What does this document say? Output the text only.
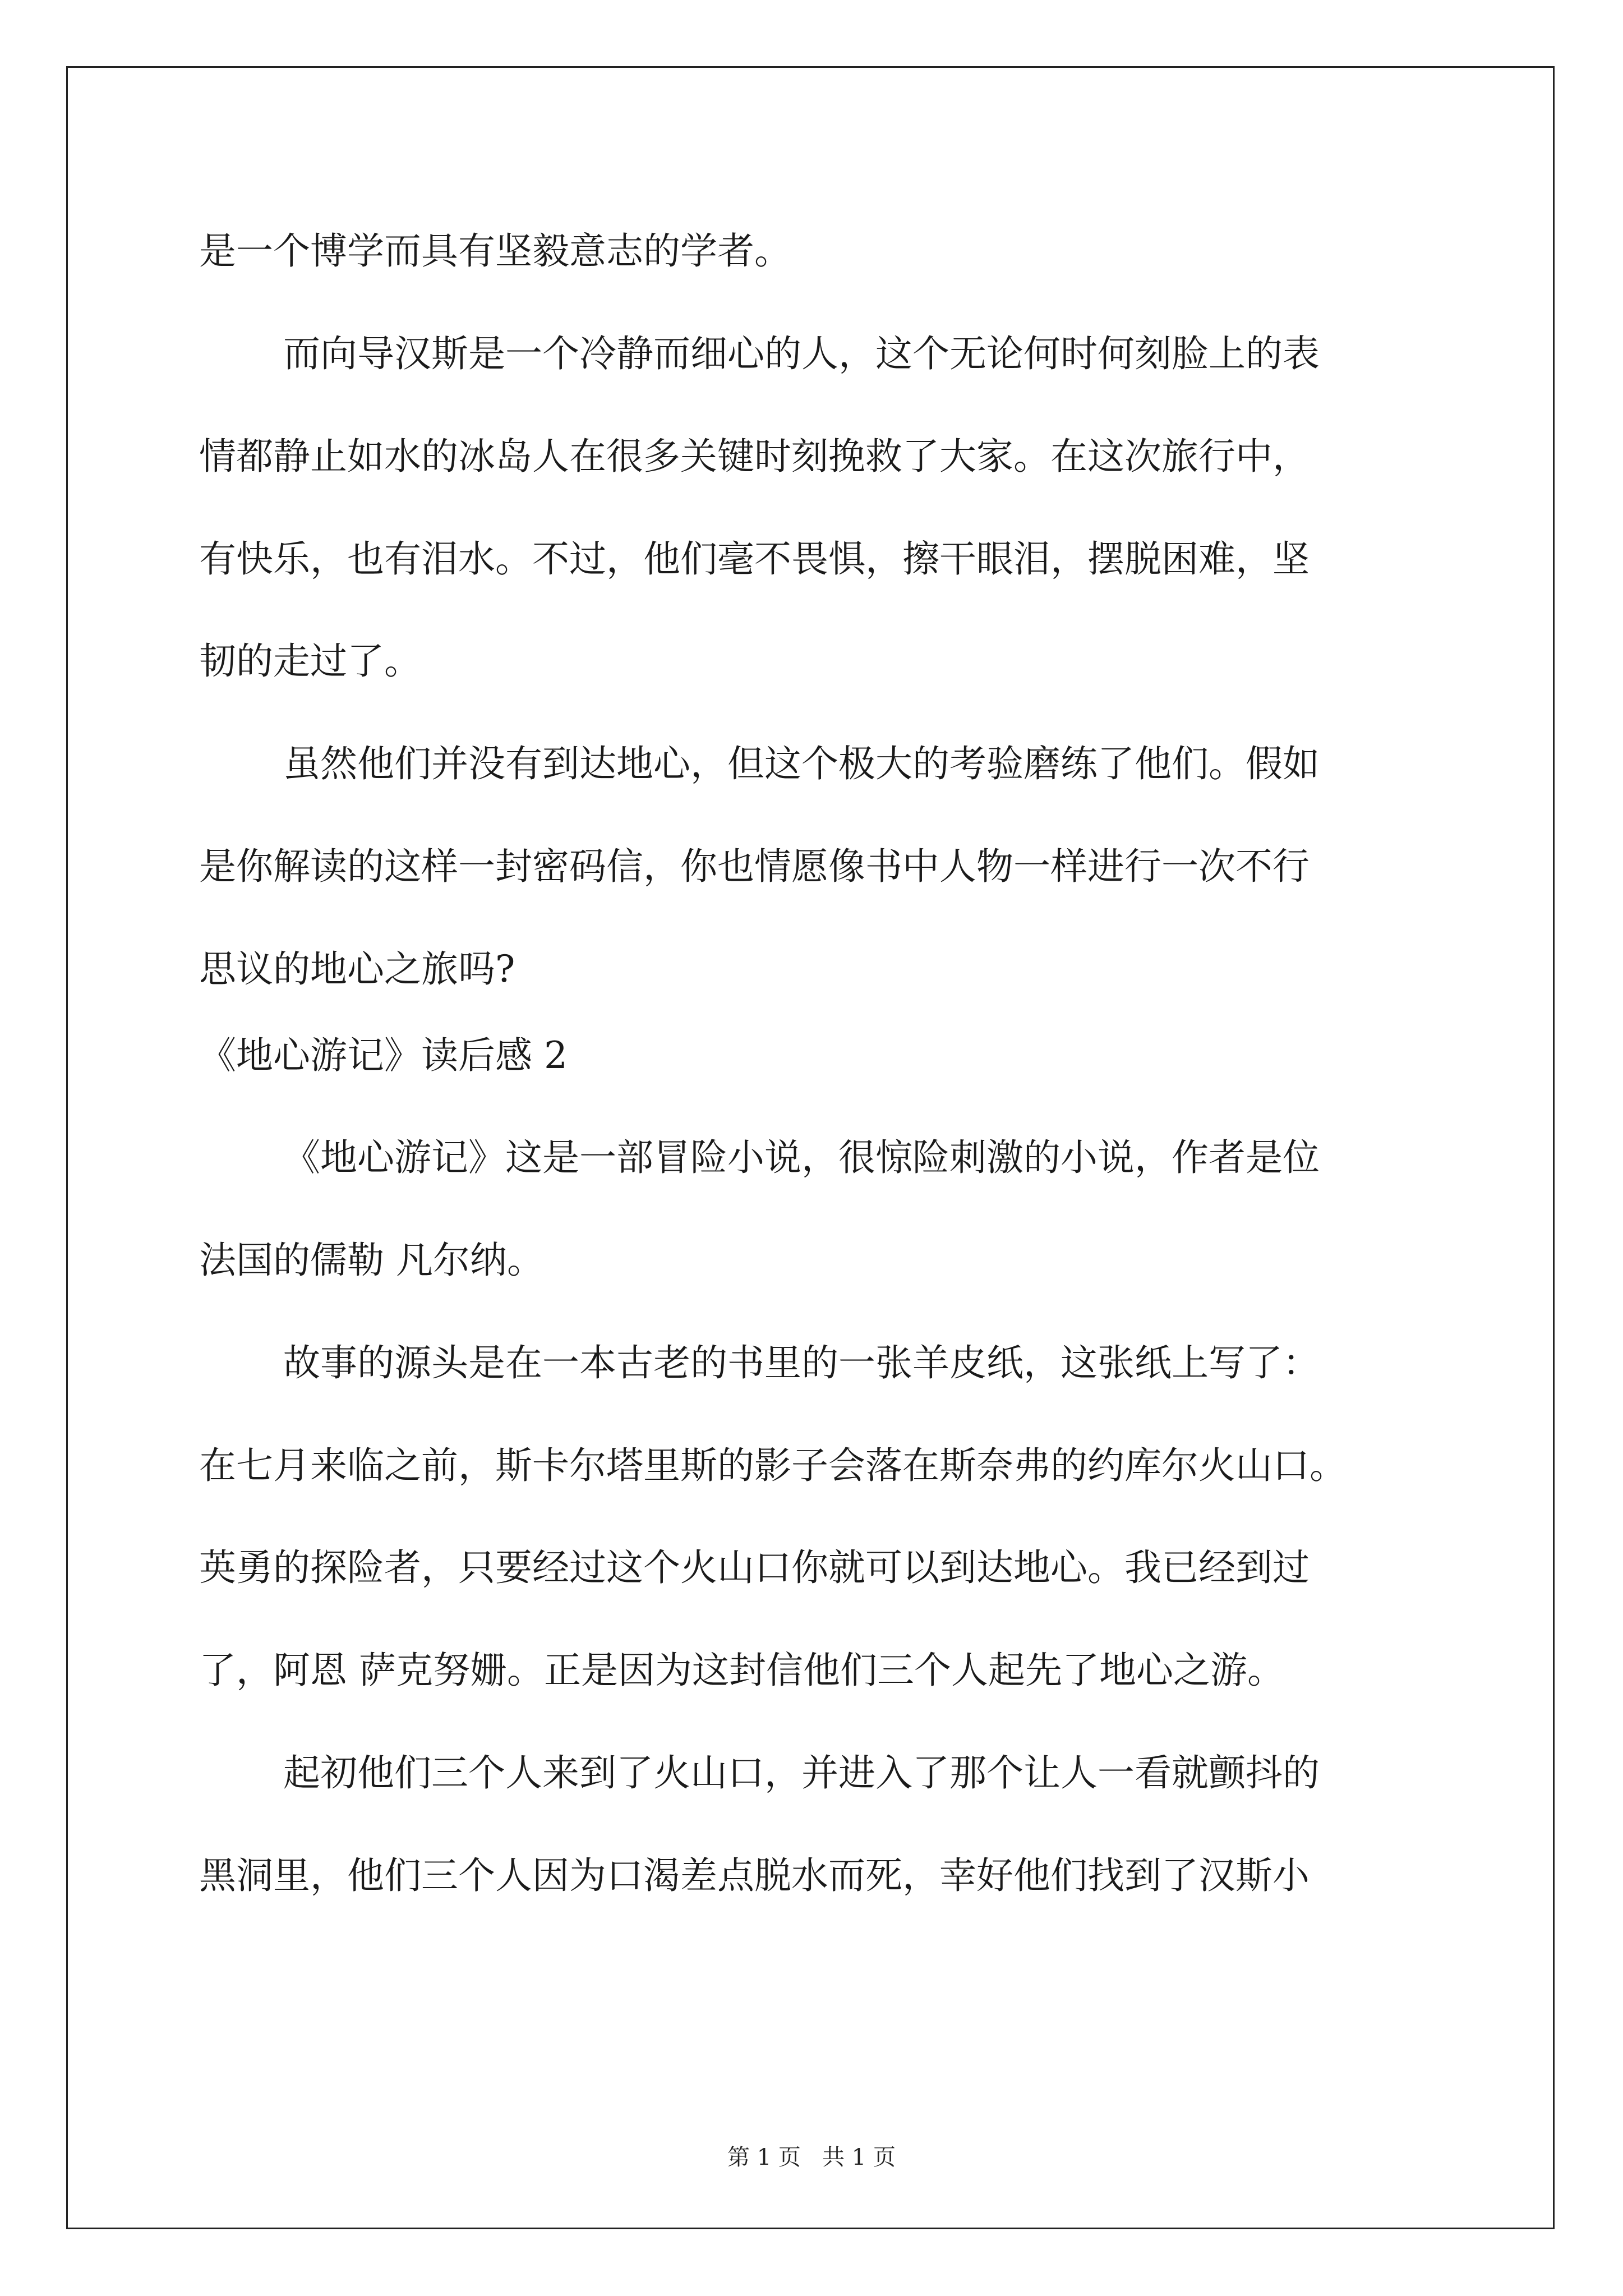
是一个博学而具有坚毅意志的学者。
而向导汉斯是一个冷静而细心的人，这个无论何时何刻脸上的表
情都静止如水的冰岛人在很多关键时刻挽救了大家。在这次旅行中，
有快乐，也有泪水。不过，他们毫不畏惧，擦干眼泪，摆脱困难，坚
韧的走过了。
虽然他们并没有到达地心，但这个极大的考验磨练了他们。假如
是你解读的这样一封密码信，你也情愿像书中人物一样进行一次不行
思议的地心之旅吗?
《地心游记》读后感 2
《地心游记》这是一部冒险小说，很惊险刺激的小说，作者是位
法国的儒勒 凡尔纳。
故事的源头是在一本古老的书里的一张羊皮纸，这张纸上写了：
在七月来临之前，斯卡尔塔里斯的影子会落在斯奈弗的约库尔火山口。
英勇的探险者，只要经过这个火山口你就可以到达地心。我已经到过
了，阿恩 萨克努姗。正是因为这封信他们三个人起先了地心之游。
起初他们三个人来到了火山口，并进入了那个让人一看就颤抖的
黑洞里，他们三个人因为口渴差点脱水而死，幸好他们找到了汉斯小
第 1 页   共 1 页
